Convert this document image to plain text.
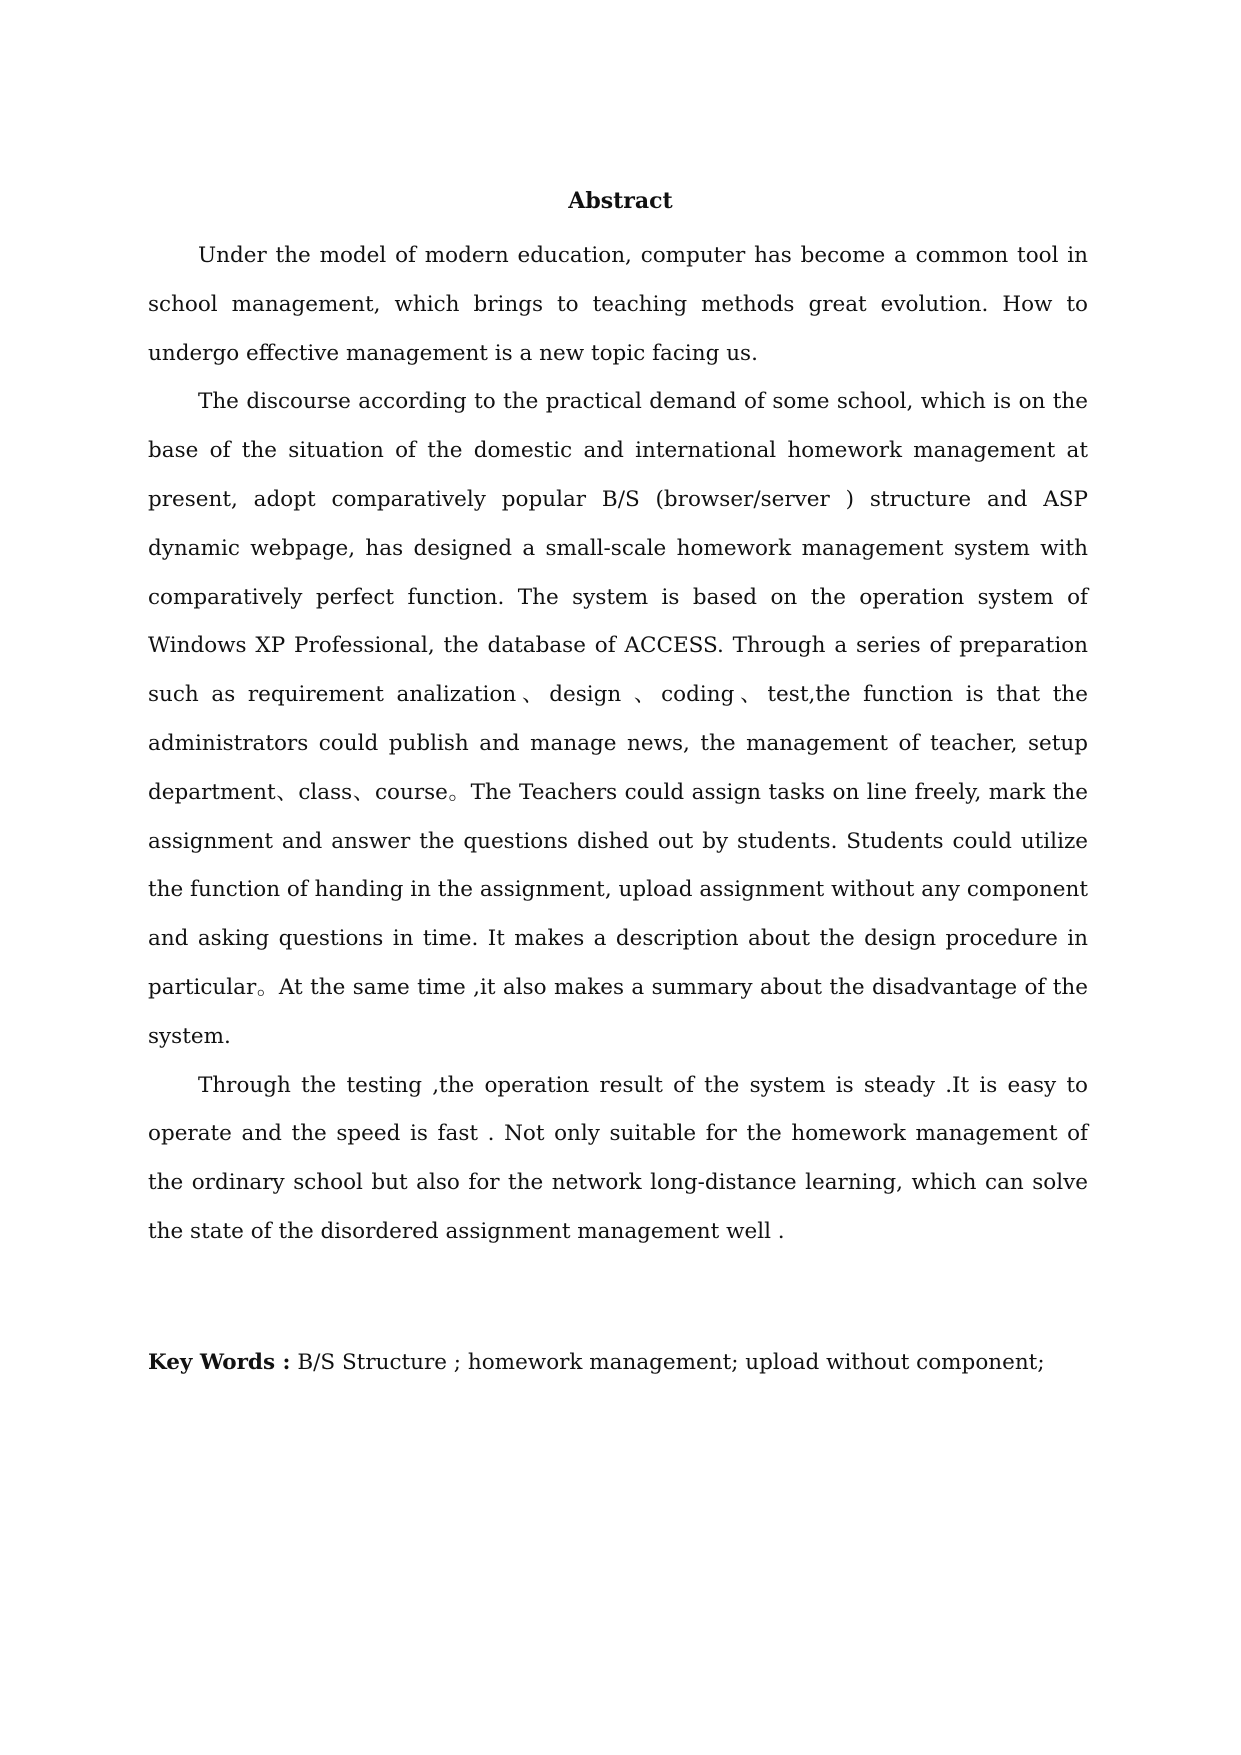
Abstract

Under the model of modern education, computer has become a common tool in school management, which brings to teaching methods great evolution. How to undergo effective management is a new topic facing us.

The discourse according to the practical demand of some school, which is on the base of the situation of the domestic and international homework management at present, adopt comparatively popular B/S (browser/server ) structure and ASP dynamic webpage, has designed a small-scale homework management system with comparatively perfect function. The system is based on the operation system of Windows XP Professional, the database of ACCESS. Through a series of preparation such as requirement analization、design 、coding、test,the function is that the administrators could publish and manage news, the management of teacher, setup department、class、course。The Teachers could assign tasks on line freely, mark the assignment and answer the questions dished out by students. Students could utilize the function of handing in the assignment, upload assignment without any component and asking questions in time. It makes a description about the design procedure in particular。At the same time ,it also makes a summary about the disadvantage of the system.

Through the testing ,the operation result of the system is steady .It is easy to operate and the speed is fast . Not only suitable for the homework management of the ordinary school but also for the network long-distance learning, which can solve the state of the disordered assignment management well .

Key Words : B/S Structure ; homework management; upload without component;
